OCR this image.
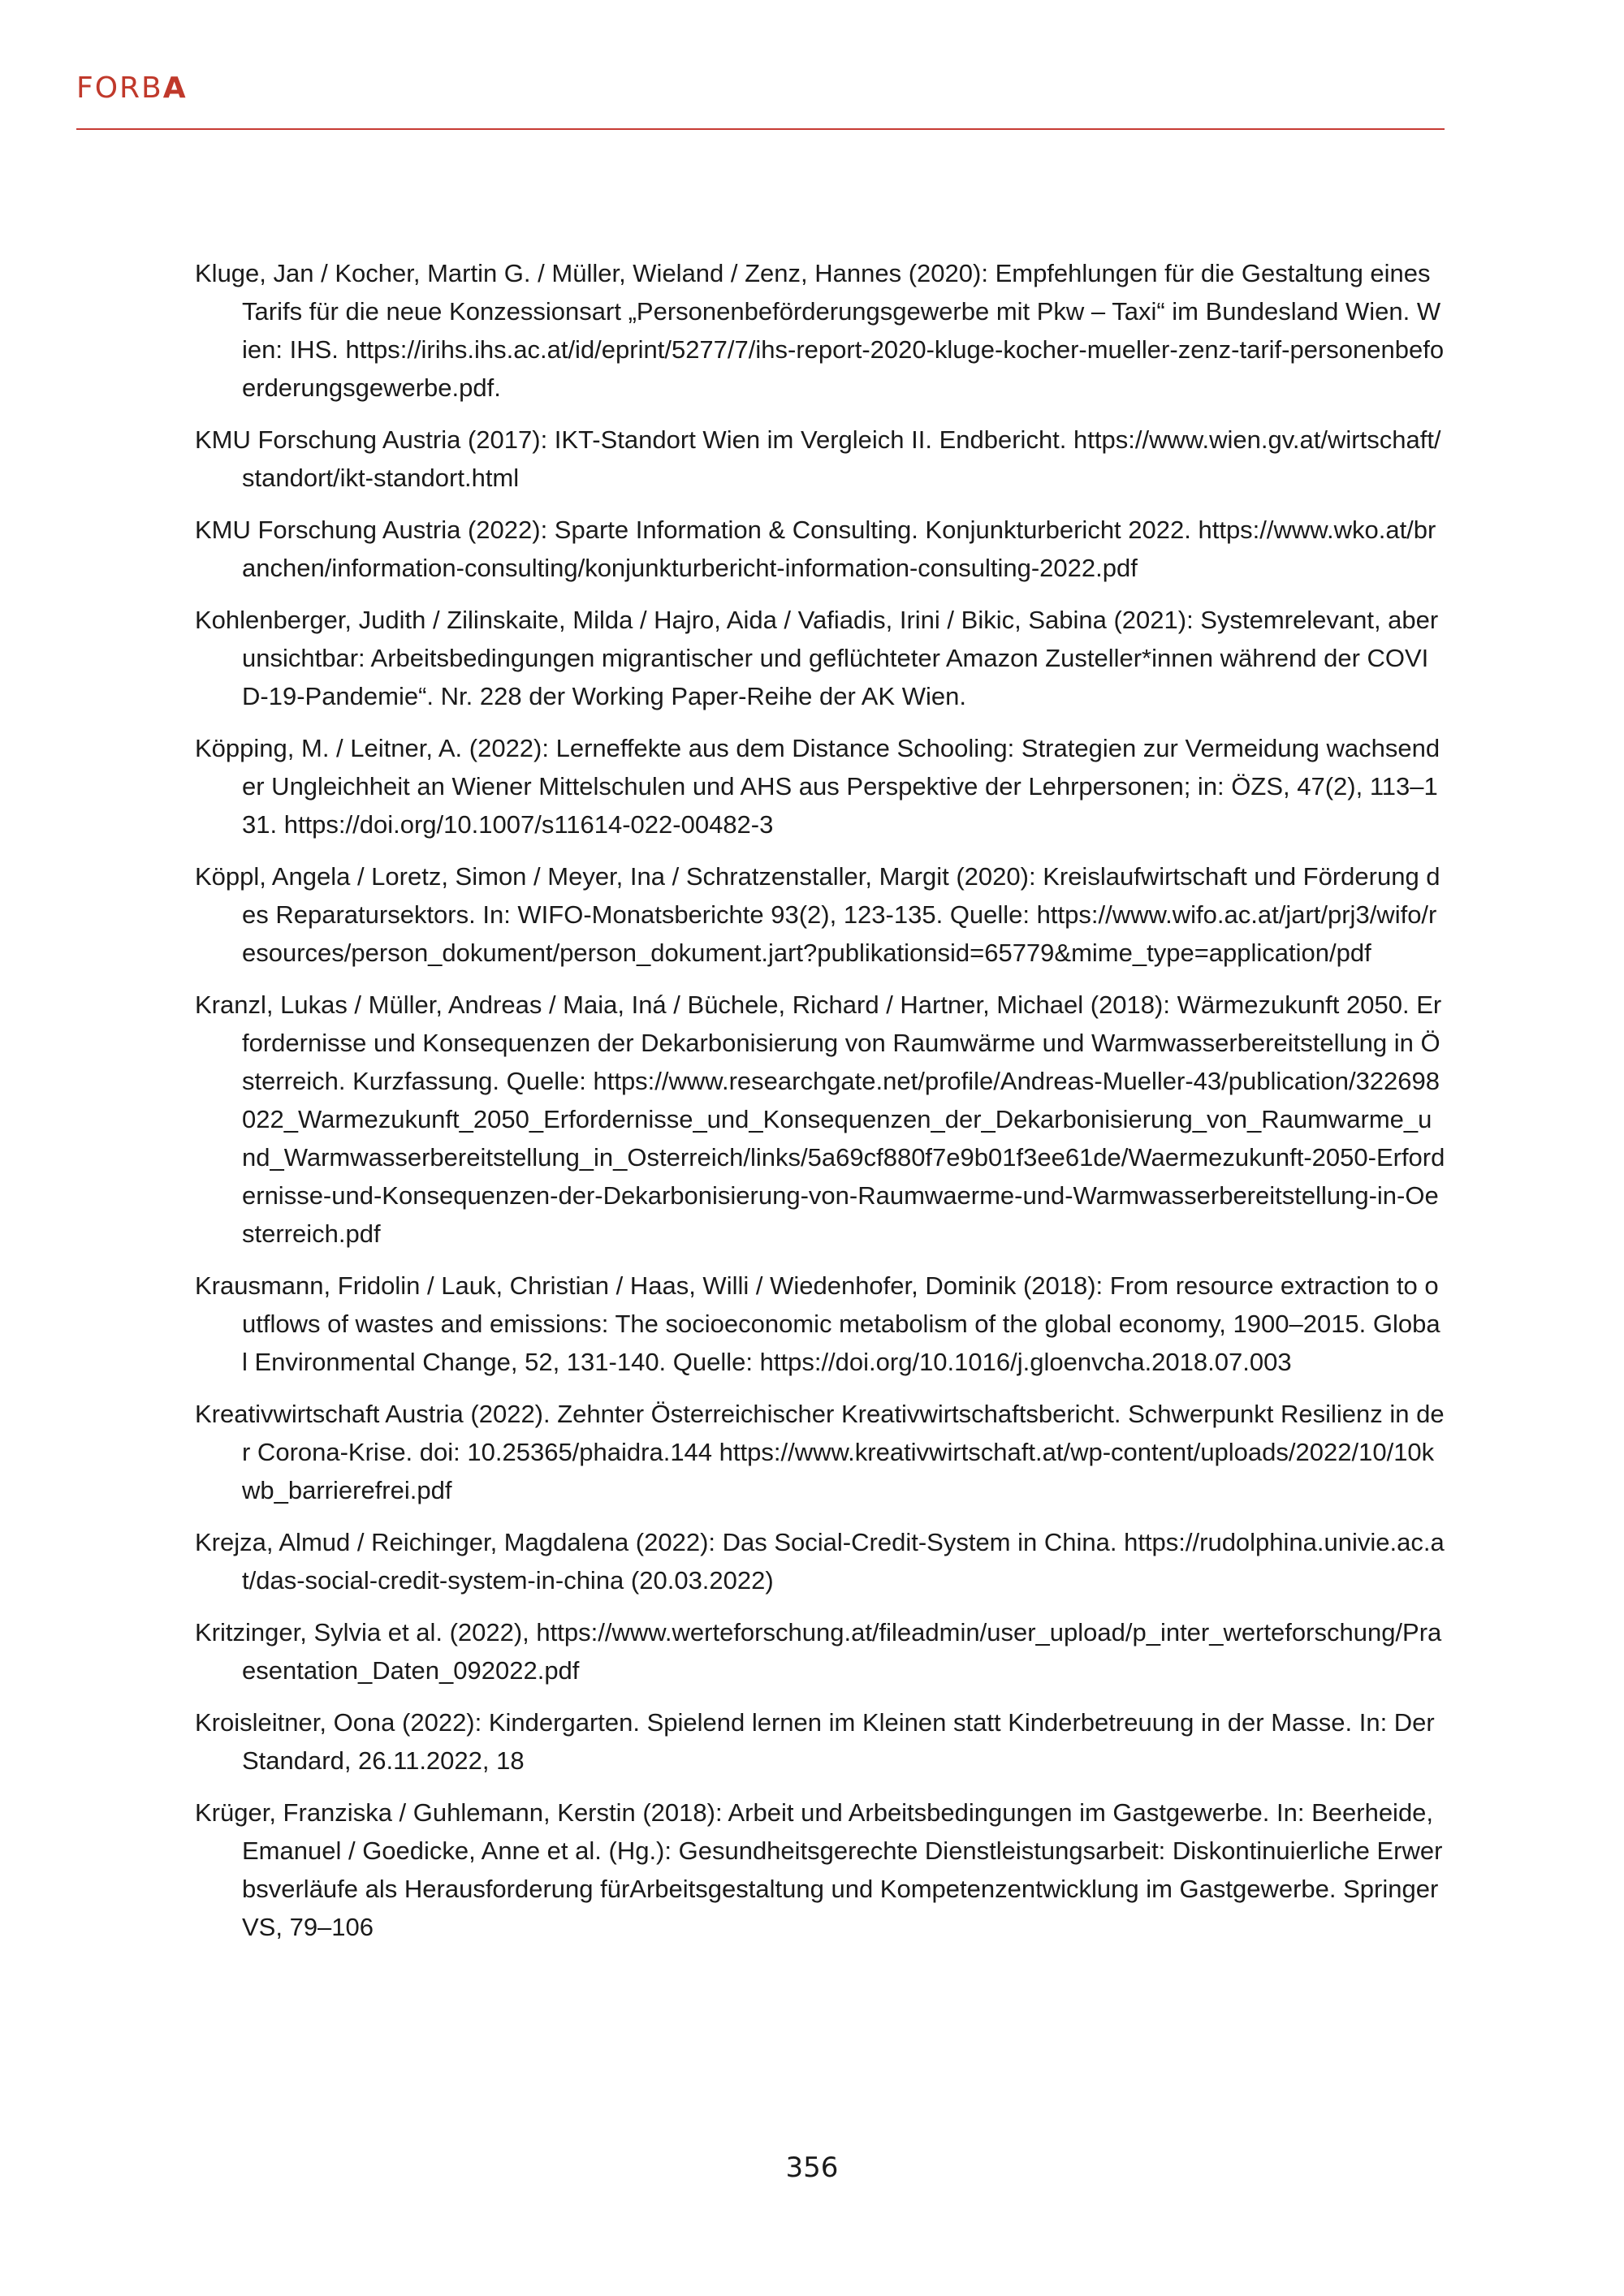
FORBA

Kluge, Jan / Kocher, Martin G. / Müller, Wieland / Zenz, Hannes (2020): Empfehlungen für die Gestaltung eines Tarifs für die neue Konzessionsart „Personenbeförderungsgewerbe mit Pkw – Taxi“ im Bundesland Wien. Wien: IHS. https://irihs.ihs.ac.at/id/eprint/5277/7/ihs-report-2020-kluge-kocher-mueller-zenz-tarif-personenbefoerderungsgewerbe.pdf.

KMU Forschung Austria (2017): IKT-Standort Wien im Vergleich II. Endbericht. https://www.wien.gv.at/wirtschaft/standort/ikt-standort.html

KMU Forschung Austria (2022): Sparte Information & Consulting. Konjunkturbericht 2022. https://www.wko.at/branchen/information-consulting/konjunkturbericht-information-consulting-2022.pdf

Kohlenberger, Judith / Zilinskaite, Milda / Hajro, Aida / Vafiadis, Irini / Bikic, Sabina (2021): Systemrelevant, aber unsichtbar: Arbeitsbedingungen migrantischer und geflüchteter Amazon Zusteller*innen während der COVID-19-Pandemie“. Nr. 228 der Working Paper-Reihe der AK Wien.

Köpping, M. / Leitner, A. (2022): Lerneffekte aus dem Distance Schooling: Strategien zur Vermeidung wachsender Ungleichheit an Wiener Mittelschulen und AHS aus Perspektive der Lehrpersonen; in: ÖZS, 47(2), 113–131. https://doi.org/10.1007/s11614-022-00482-3

Köppl, Angela / Loretz, Simon / Meyer, Ina / Schratzenstaller, Margit (2020): Kreislaufwirtschaft und Förderung des Reparatursektors. In: WIFO-Monatsberichte 93(2), 123-135. Quelle: https://www.wifo.ac.at/jart/prj3/wifo/resources/person_dokument/person_dokument.jart?publikationsid=65779&mime_type=application/pdf

Kranzl, Lukas / Müller, Andreas / Maia, Iná / Büchele, Richard / Hartner, Michael (2018): Wärmezukunft 2050. Erfordernisse und Konsequenzen der Dekarbonisierung von Raumwärme und Warmwasserbereitstellung in Österreich. Kurzfassung. Quelle: https://www.researchgate.net/profile/Andreas-Mueller-43/publication/322698022_Warmezukunft_2050_Erfordernisse_und_Konsequenzen_der_Dekarbonisierung_von_Raumwarme_und_Warmwasserbereitstellung_in_Osterreich/links/5a69cf880f7e9b01f3ee61de/Waermezukunft-2050-Erfordernisse-und-Konsequenzen-der-Dekarbonisierung-von-Raumwaerme-und-Warmwasserbereitstellung-in-Oesterreich.pdf

Krausmann, Fridolin / Lauk, Christian / Haas, Willi / Wiedenhofer, Dominik (2018): From resource extraction to outflows of wastes and emissions: The socioeconomic metabolism of the global economy, 1900–2015. Global Environmental Change, 52, 131-140. Quelle: https://doi.org/10.1016/j.gloenvcha.2018.07.003

Kreativwirtschaft Austria (2022). Zehnter Österreichischer Kreativwirtschaftsbericht. Schwerpunkt Resilienz in der Corona-Krise. doi: 10.25365/phaidra.144 https://www.kreativwirtschaft.at/wp-content/uploads/2022/10/10kwb_barrierefrei.pdf

Krejza, Almud / Reichinger, Magdalena (2022): Das Social-Credit-System in China. https://rudolphina.univie.ac.at/das-social-credit-system-in-china (20.03.2022)

Kritzinger, Sylvia et al. (2022), https://www.werteforschung.at/fileadmin/user_upload/p_inter_werteforschung/Praesentation_Daten_092022.pdf

Kroisleitner, Oona (2022): Kindergarten. Spielend lernen im Kleinen statt Kinderbetreuung in der Masse. In: Der Standard, 26.11.2022, 18

Krüger, Franziska / Guhlemann, Kerstin (2018): Arbeit und Arbeitsbedingungen im Gastgewerbe. In: Beerheide, Emanuel / Goedicke, Anne et al. (Hg.): Gesundheitsgerechte Dienstleistungsarbeit: Diskontinuierliche Erwerbsverläufe als Herausforderung fürArbeitsgestaltung und Kompetenzentwicklung im Gastgewerbe. Springer VS, 79–106

356
